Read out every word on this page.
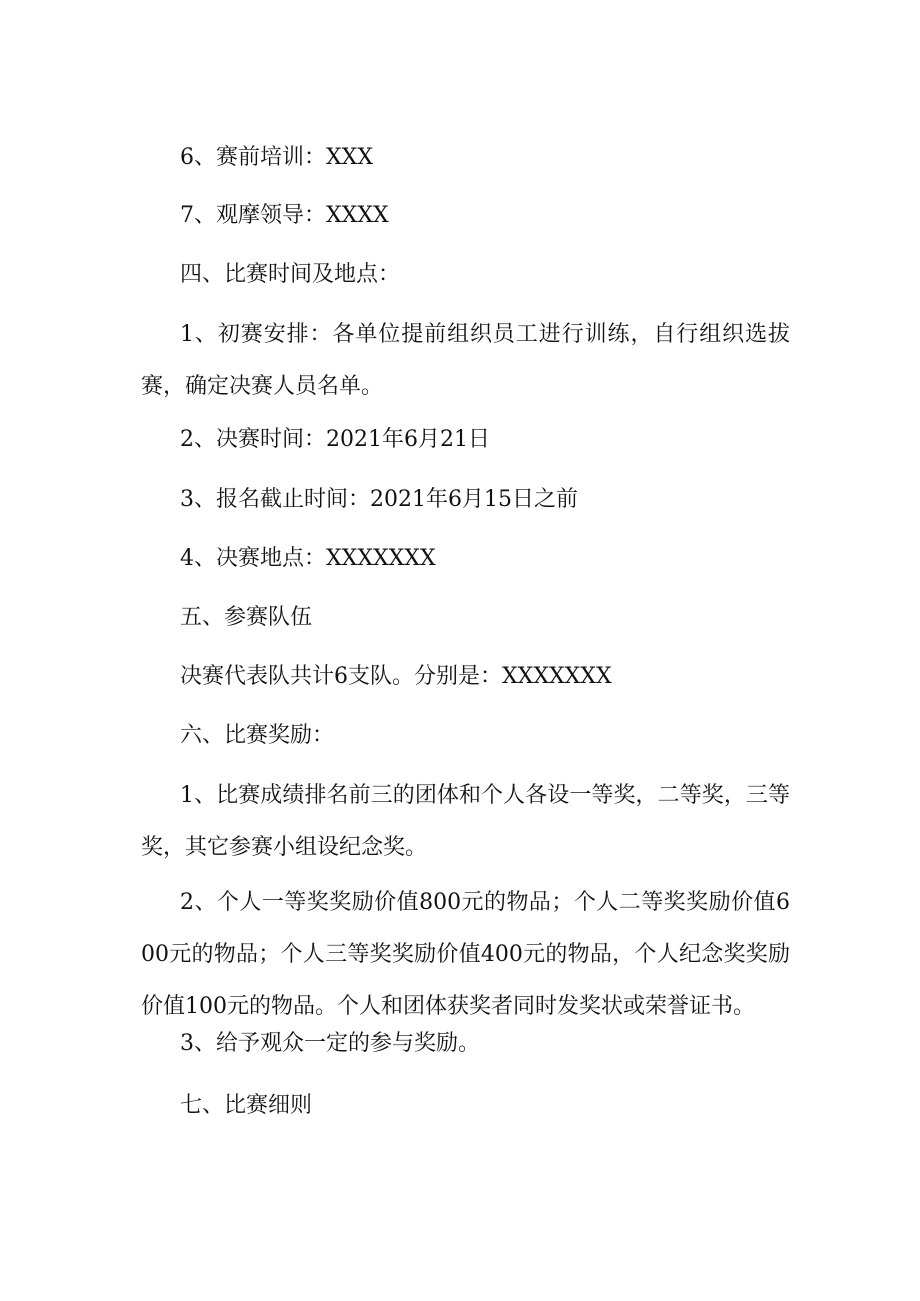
6、赛前培训：XXX
7、观摩领导：XXXX
四、比赛时间及地点：
1、初赛安排：各单位提前组织员工进行训练，自行组织选拔赛，确定决赛人员名单。
2、决赛时间：2021年6月21日
3、报名截止时间：2021年6月15日之前
4、决赛地点：XXXXXXX
五、参赛队伍
决赛代表队共计6支队。分别是：XXXXXXX
六、比赛奖励：
1、比赛成绩排名前三的团体和个人各设一等奖，二等奖，三等奖，其它参赛小组设纪念奖。
2、个人一等奖奖励价值800元的物品；个人二等奖奖励价值600元的物品；个人三等奖奖励价值400元的物品，个人纪念奖奖励价值100元的物品。个人和团体获奖者同时发奖状或荣誉证书。
3、给予观众一定的参与奖励。
七、比赛细则
